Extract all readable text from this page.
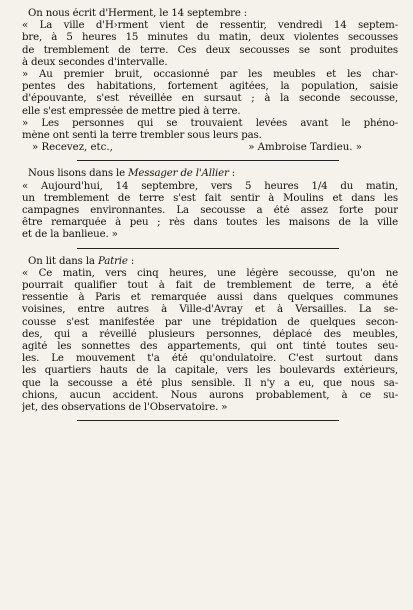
On nous écrit d'Herment, le 14 septembre :
« La ville d'H›rment vient de ressentir, vendredi 14 septem-
bre, à 5 heures 15 minutes du matin, deux violentes secousses
de tremblement de terre. Ces deux secousses se sont produites
à deux secondes d'intervalle.
» Au premier bruit, occasionné par les meubles et les char-
pentes des habitations, fortement agitées, la population, saisie
d'épouvante, s'est réveillée en sursaut ; à la seconde secousse,
elle s'est empressée de mettre pied à terre.
» Les personnes qui se trouvaient levées avant le phéno-
mène ont senti la terre trembler sous leurs pas.
» Recevez, etc.,	» Ambroise Tardieu. »
Nous lisons dans le Messager de l'Allier :
« Aujourd'hui, 14 septembre, vers 5 heures 1/4 du matin,
un tremblement de terre s'est fait sentir à Moulins et dans les
campagnes environnantes. La secousse a été assez forte pour
être remarquée à peu ; rès dans toutes les maisons de la ville
et de la banlieue. »
On lit dans la Patrie :
« Ce matin, vers cinq heures, une légère secousse, qu'on ne
pourrait qualifier tout à fait de tremblement de terre, a été
ressentie à Paris et remarquée aussi dans quelques communes
voisines, entre autres à Ville-d'Avray et à Versailles. La se-
cousse s'est manifestée par une trépidation de quelques secon-
des, qui a réveillé plusieurs personnes, déplacé des meubles,
agité les sonnettes des appartements, qui ont tinté toutes seu-
les. Le mouvement t'a été qu'ondulatoire. C'est surtout dans
les quartiers hauts de la capitale, vers les boulevards extérieurs,
que la secousse a été plus sensible. Il n'y a eu, que nous sa-
chions, aucun accident. Nous aurons probablement, à ce su-
jet, des observations de l'Observatoire. »
